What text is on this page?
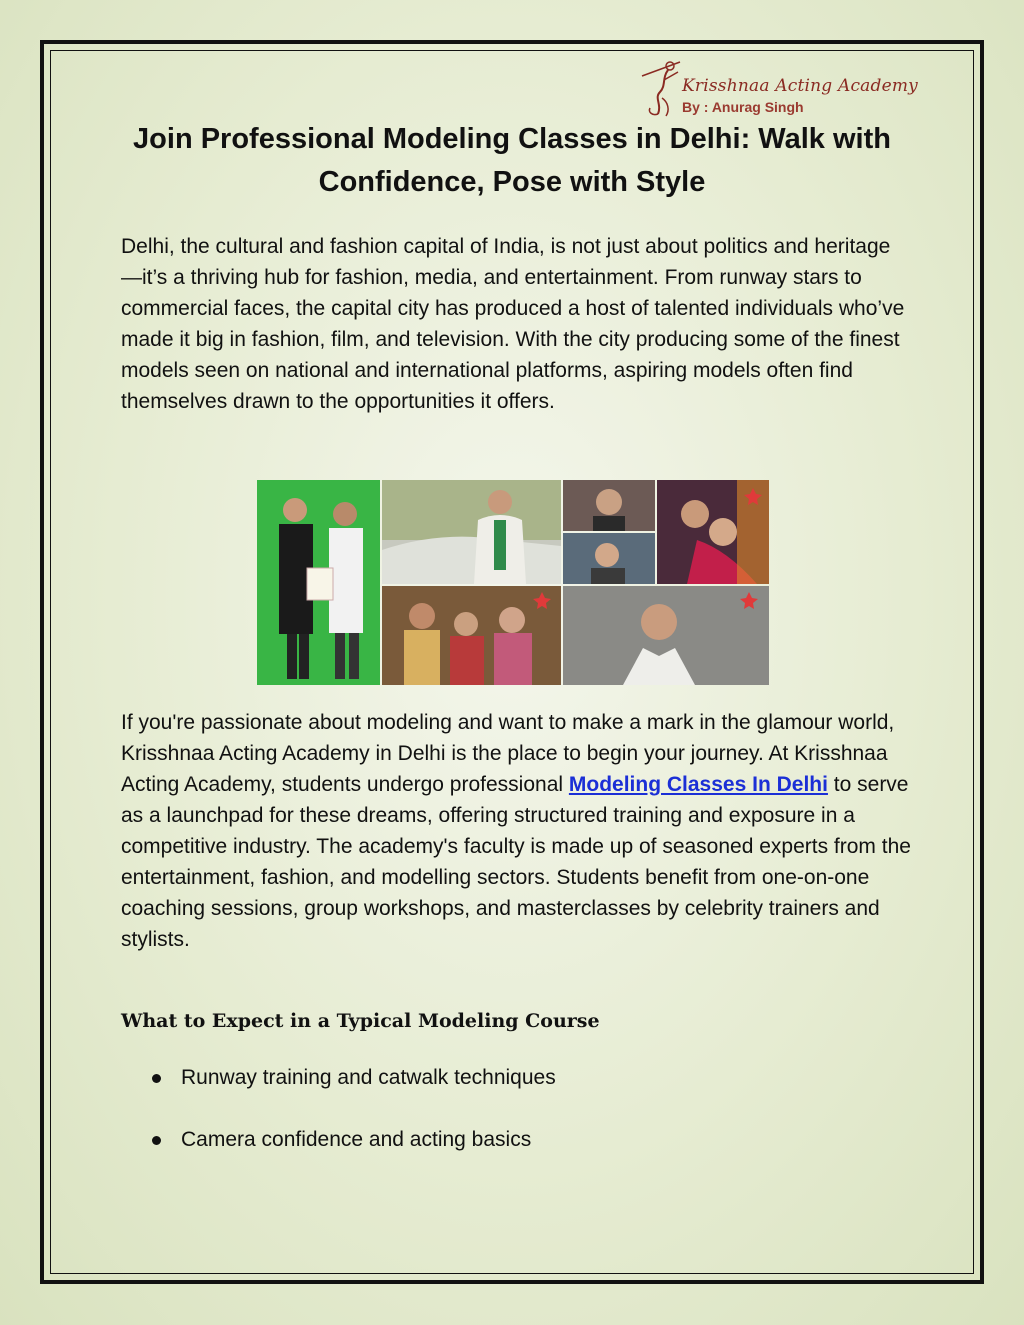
Krisshnaa Acting Academy
By : Anurag Singh
Join Professional Modeling Classes in Delhi: Walk with Confidence, Pose with Style

Delhi, the cultural and fashion capital of India, is not just about politics and heritage—it’s a thriving hub for fashion, media, and entertainment. From runway stars to commercial faces, the capital city has produced a host of talented individuals who’ve made it big in fashion, film, and television. With the city producing some of the finest models seen on national and international platforms, aspiring models often find themselves drawn to the opportunities it offers.

If you're passionate about modeling and want to make a mark in the glamour world, Krisshnaa Acting Academy in Delhi is the place to begin your journey. At Krisshnaa Acting Academy, students undergo professional Modeling Classes In Delhi to serve as a launchpad for these dreams, offering structured training and exposure in a competitive industry. The academy's faculty is made up of seasoned experts from the entertainment, fashion, and modelling sectors. Students benefit from one-on-one coaching sessions, group workshops, and masterclasses by celebrity trainers and stylists.

What to Expect in a Typical Modeling Course
Runway training and catwalk techniques
Camera confidence and acting basics
